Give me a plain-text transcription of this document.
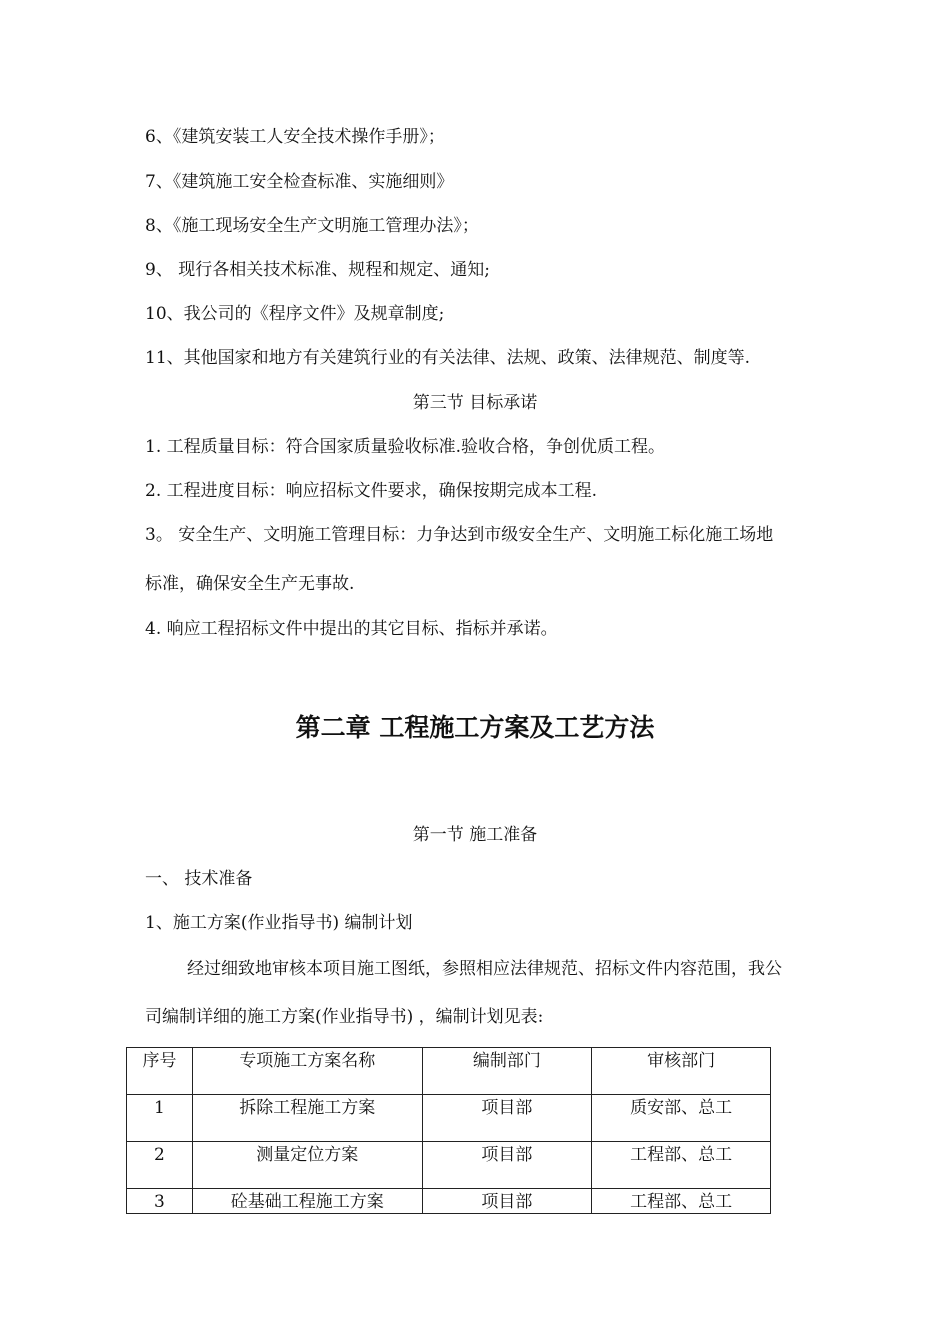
6、《建筑安装工人安全技术操作手册》；
7、《建筑施工安全检查标准、实施细则》
8、《施工现场安全生产文明施工管理办法》；
9、 现行各相关技术标准、规程和规定、通知;
10、我公司的《程序文件》及规章制度;
11、其他国家和地方有关建筑行业的有关法律、法规、政策、法律规范、制度等.
第三节 目标承诺
1. 工程质量目标：符合国家质量验收标准.验收合格，争创优质工程。
2. 工程进度目标：响应招标文件要求，确保按期完成本工程.
3。 安全生产、文明施工管理目标：力争达到市级安全生产、文明施工标化施工场地
标准，确保安全生产无事故.
4. 响应工程招标文件中提出的其它目标、指标并承诺。
第二章 工程施工方案及工艺方法
第一节 施工准备
一、 技术准备
1、施工方案(作业指导书) 编制计划
经过细致地审核本项目施工图纸，参照相应法律规范、招标文件内容范围，我公
司编制详细的施工方案(作业指导书) ，编制计划见表:
序号	专项施工方案名称	编制部门	审核部门
1	拆除工程施工方案	项目部	质安部、总工
2	测量定位方案	项目部	工程部、总工
3	砼基础工程施工方案	项目部	工程部、总工
